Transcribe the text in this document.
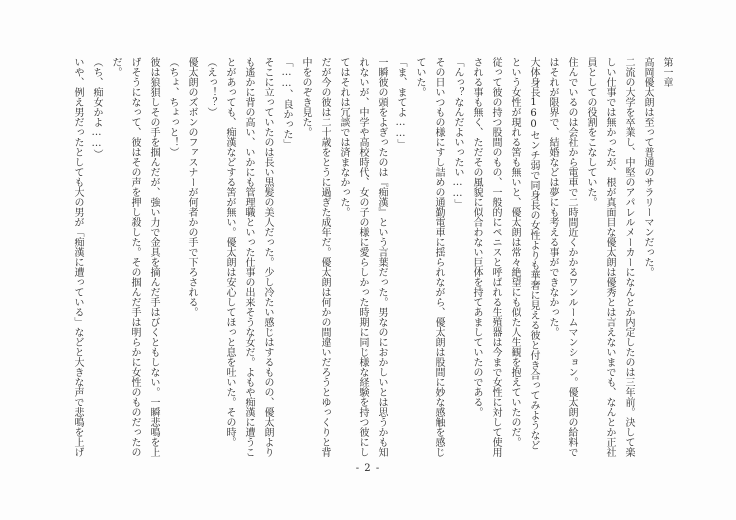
第一章

高岡優太朗は至って普通のサラリーマンだった。

二流の大学を卒業し、中堅のアパレルメーカーになんとか内定したのは三年前。決して楽しい仕事では無かったが、根が真面目な優太朗は優秀とは言えないまでも、なんとか正社員としての役割をこなしていた。

住んでいるのは会社から電車で二時間近くかかるワンルームマンション。優太朗の給料ではそれが限界で、結婚などは夢にも考える事ができなかった。

大体身長160センチ弱で同身長の女性よりも華奢に見える彼と付き合ってみようなどという女性が現れる筈も無いと、優太朗は常々絶望にも似た人生観を抱えていたのだ。

従って彼の持つ股間のもの、一般的にペニスと呼ばれる生殖器は今まで女性に対して使用される事も無く、ただその風貌に似合わない巨体を持てあましていたのである。

「んっ？なんだよいったい……」

その日いつもの様にすし詰めの通勤電車に揺られながら、優太朗は股間に妙な感触を感じていた。

「ま、まてよ……」

一瞬彼の頭をよぎったのは『痴漢』という言葉だった。男なのにおかしいとは思うかも知れないが、中学や高校時代、女の子の様に愛らしかった時期に同じ様な経験を持つ彼にしてはそれは冗談では済まなかった。

だが今の彼は二十歳をとうに過ぎた成年だ。優太朗は何かの間違いだろうとゆっくりと背中をのぞき見た。

「……、良かった」

そこに立っていたのは長い黒髪の美人だった。少し冷たい感じはするものの、優太朗よりも遙かに背の高い、いかにも管理職といった仕事の出来そうな女だ。よもや痴漢に遭うことがあっても、痴漢などする筈が無い。優太朗は安心してほっと息を吐いた。その時。

（えっ！？）

優太朗のズボンのファスナーが何者かの手で下ろされる。

（ちょ、ちょっと！）

彼は狼狽しその手を掴んだが、強い力で金具を摘んだ手はびくともしない。一瞬悲鳴を上げそうになって、彼はその声を押し殺した。その掴んだ手は明らかに女性のものだったのだ。

（ち、痴女かよ……）

いや、例え男だったとしても大の男が「痴漢に遭っている」などと大きな声で悲鳴を上げ

- 2 -
